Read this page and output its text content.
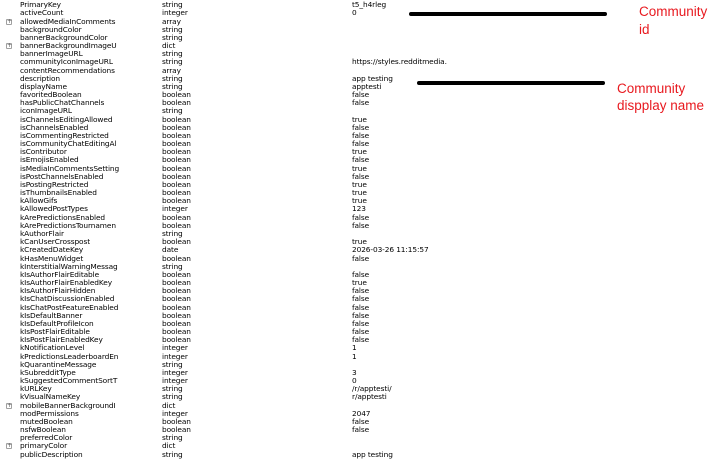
PrimaryKey	string	t5_h4rleg
activeCount	integer	0
+ allowedMediaInComments	array
backgroundColor	string
bannerBackgroundColor	string
+ bannerBackgroundImageU	dict
bannerImageURL	string
communityIconImageURL	string	https://styles.redditmedia.
contentRecommendations	array
description	string	app testing
displayName	string	apptesti
favoritedBoolean	boolean	false
hasPublicChatChannels	boolean	false
iconImageURL	string
isChannelsEditingAllowed	boolean	true
isChannelsEnabled	boolean	false
isCommentingRestricted	boolean	false
isCommunityChatEditingAl	boolean	false
isContributor	boolean	true
isEmojisEnabled	boolean	false
isMediaInCommentsSetting	boolean	true
isPostChannelsEnabled	boolean	false
isPostingRestricted	boolean	true
isThumbnailsEnabled	boolean	true
kAllowGifs	boolean	true
kAllowedPostTypes	integer	123
kArePredictionsEnabled	boolean	false
kArePredictionsTournamen	boolean	false
kAuthorFlair	string
kCanUserCrosspost	boolean	true
kCreatedDateKey	date	2026-03-26 11:15:57
kHasMenuWidget	boolean	false
kInterstitialWarningMessag	string
kIsAuthorFlairEditable	boolean	false
kIsAuthorFlairEnabledKey	boolean	true
kIsAuthorFlairHidden	boolean	false
kIsChatDiscussionEnabled	boolean	false
kIsChatPostFeatureEnabled	boolean	false
kIsDefaultBanner	boolean	false
kIsDefaultProfileIcon	boolean	false
kIsPostFlairEditable	boolean	false
kIsPostFlairEnabledKey	boolean	false
kNotificationLevel	integer	1
kPredictionsLeaderboardEn	integer	1
kQuarantineMessage	string
kSubredditType	integer	3
kSuggestedCommentSortT	integer	0
kURLKey	string	/r/apptesti/
kVisualNameKey	string	r/apptesti
+ mobileBannerBackgroundI	dict
modPermissions	integer	2047
mutedBoolean	boolean	false
nsfwBoolean	boolean	false
preferredColor	string
+ primaryColor	dict
publicDescription	string	app testing
Community id
Community
dispplay name
